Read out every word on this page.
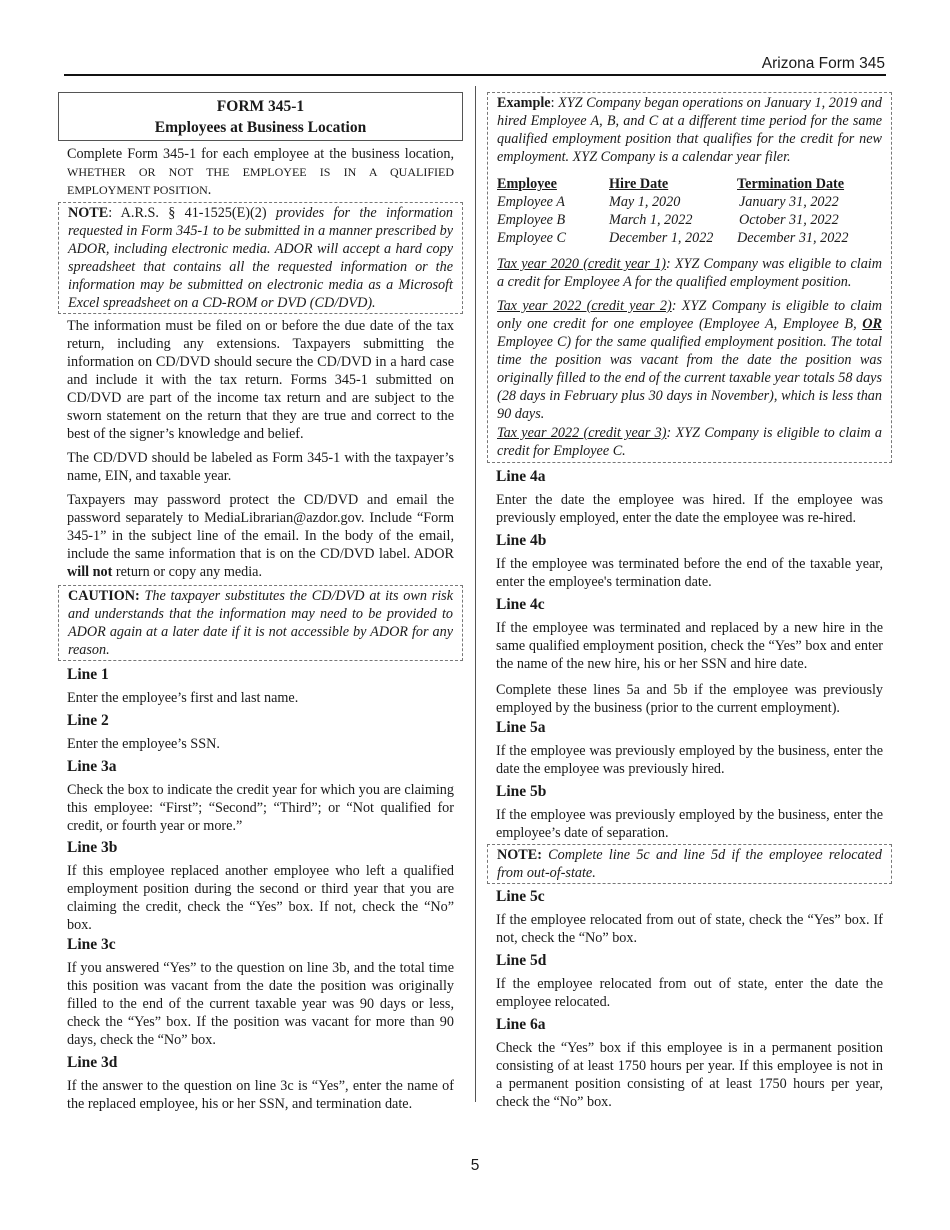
Arizona Form 345
FORM 345-1
Employees at Business Location

Complete Form 345-1 for each employee at the business location, WHETHER OR NOT THE EMPLOYEE IS IN A QUALIFIED EMPLOYMENT POSITION.

NOTE: A.R.S. § 41-1525(E)(2) provides for the information requested in Form 345-1 to be submitted in a manner prescribed by ADOR, including electronic media. ADOR will accept a hard copy spreadsheet that contains all the requested information or the information may be submitted on electronic media as a Microsoft Excel spreadsheet on a CD-ROM or DVD (CD/DVD).

The information must be filed on or before the due date of the tax return, including any extensions. Taxpayers submitting the information on CD/DVD should secure the CD/DVD in a hard case and include it with the tax return. Forms 345-1 submitted on CD/DVD are part of the income tax return and are subject to the sworn statement on the return that they are true and correct to the best of the signer’s knowledge and belief.

The CD/DVD should be labeled as Form 345-1 with the taxpayer’s name, EIN, and taxable year.

Taxpayers may password protect the CD/DVD and email the password separately to MediaLibrarian@azdor.gov. Include “Form 345-1” in the subject line of the email. In the body of the email, include the same information that is on the CD/DVD label. ADOR will not return or copy any media.

CAUTION: The taxpayer substitutes the CD/DVD at its own risk and understands that the information may need to be provided to ADOR again at a later date if it is not accessible by ADOR for any reason.

Line 1

Enter the employee’s first and last name.

Line 2

Enter the employee’s SSN.

Line 3a

Check the box to indicate the credit year for which you are claiming this employee: “First”; “Second”; “Third”; or “Not qualified for credit, or fourth year or more.”

Line 3b

If this employee replaced another employee who left a qualified employment position during the second or third year that you are claiming the credit, check the “Yes” box. If not, check the “No” box.

Line 3c

If you answered “Yes” to the question on line 3b, and the total time this position was vacant from the date the position was originally filled to the end of the current taxable year was 90 days or less, check the “Yes” box. If the position was vacant for more than 90 days, check the “No” box.

Line 3d

If the answer to the question on line 3c is “Yes”, enter the name of the replaced employee, his or her SSN, and termination date.

Example: XYZ Company began operations on January 1, 2019 and hired Employee A, B, and C at a different time period for the same qualified employment position that qualifies for the credit for new employment. XYZ Company is a calendar year filer.

Employee	Hire Date	Termination Date
Employee A	May 1, 2020	January 31, 2022
Employee B	March 1, 2022	October 31, 2022
Employee C	December 1, 2022	December 31, 2022

Tax year 2020 (credit year 1): XYZ Company was eligible to claim a credit for Employee A for the qualified employment position.

Tax year 2022 (credit year 2): XYZ Company is eligible to claim only one credit for one employee (Employee A, Employee B, OR Employee C) for the same qualified employment position. The total time the position was vacant from the date the position was originally filled to the end of the current taxable year totals 58 days (28 days in February plus 30 days in November), which is less than 90 days.

Tax year 2022 (credit year 3): XYZ Company is eligible to claim a credit for Employee C.

Line 4a

Enter the date the employee was hired. If the employee was previously employed, enter the date the employee was re-hired.

Line 4b

If the employee was terminated before the end of the taxable year, enter the employee's termination date.

Line 4c

If the employee was terminated and replaced by a new hire in the same qualified employment position, check the “Yes” box and enter the name of the new hire, his or her SSN and hire date.

Complete these lines 5a and 5b if the employee was previously employed by the business (prior to the current employment).

Line 5a

If the employee was previously employed by the business, enter the date the employee was previously hired.

Line 5b

If the employee was previously employed by the business, enter the employee’s date of separation.

NOTE: Complete line 5c and line 5d if the employee relocated from out-of-state.

Line 5c

If the employee relocated from out of state, check the “Yes” box. If not, check the “No” box.

Line 5d

If the employee relocated from out of state, enter the date the employee relocated.

Line 6a

Check the “Yes” box if this employee is in a permanent position consisting of at least 1750 hours per year. If this employee is not in a permanent position consisting of at least 1750 hours per year, check the “No” box.

5
